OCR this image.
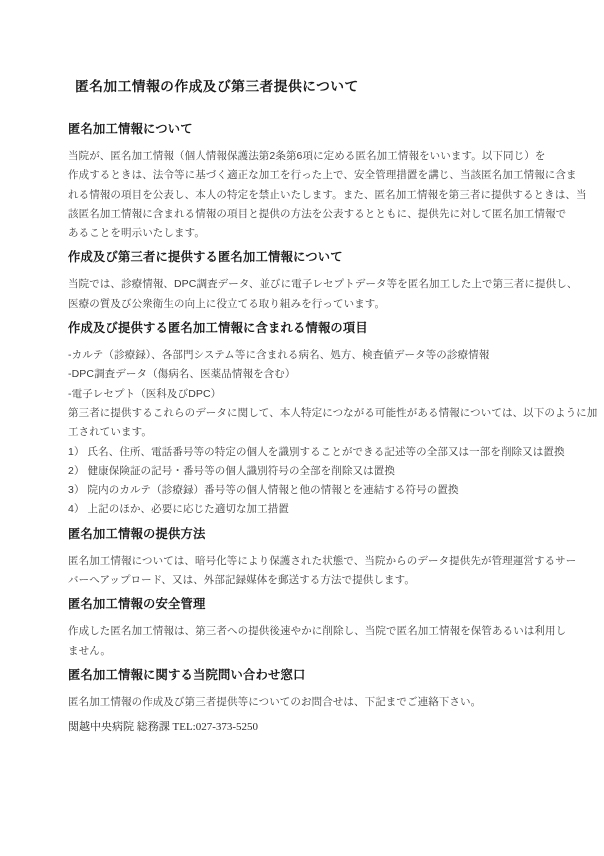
匿名加工情報の作成及び第三者提供について
匿名加工情報について
当院が、匿名加工情報（個人情報保護法第2条第6項に定める匿名加工情報をいいます。以下同じ）を
作成するときは、法令等に基づく適正な加工を行った上で、安全管理措置を講じ、当該匿名加工情報に含ま
れる情報の項目を公表し、本人の特定を禁止いたします。また、匿名加工情報を第三者に提供するときは、当
該匿名加工情報に含まれる情報の項目と提供の方法を公表するとともに、提供先に対して匿名加工情報で
あることを明示いたします。
作成及び第三者に提供する匿名加工情報について
当院では、診療情報、DPC調査データ、並びに電子レセプトデータ等を匿名加工した上で第三者に提供し、
医療の質及び公衆衛生の向上に役立てる取り組みを行っています。
作成及び提供する匿名加工情報に含まれる情報の項目
-カルテ（診療録）、各部門システム等に含まれる病名、処方、検査値データ等の診療情報
-DPC調査データ（傷病名、医薬品情報を含む）
-電子レセプト（医科及びDPC）
第三者に提供するこれらのデータに関して、本人特定につながる可能性がある情報については、以下のように加
工されています。
1） 氏名、住所、電話番号等の特定の個人を識別することができる記述等の全部又は一部を削除又は置換
2） 健康保険証の記号・番号等の個人識別符号の全部を削除又は置換
3） 院内のカルテ（診療録）番号等の個人情報と他の情報とを連結する符号の置換
4） 上記のほか、必要に応じた適切な加工措置
匿名加工情報の提供方法
匿名加工情報については、暗号化等により保護された状態で、当院からのデータ提供先が管理運営するサー
バーへアップロード、又は、外部記録媒体を郵送する方法で提供します。
匿名加工情報の安全管理
作成した匿名加工情報は、第三者への提供後速やかに削除し、当院で匿名加工情報を保管あるいは利用し
ません。
匿名加工情報に関する当院問い合わせ窓口
匿名加工情報の作成及び第三者提供等についてのお問合せは、下記までご連絡下さい。
関越中央病院 総務課 TEL:027-373-5250
